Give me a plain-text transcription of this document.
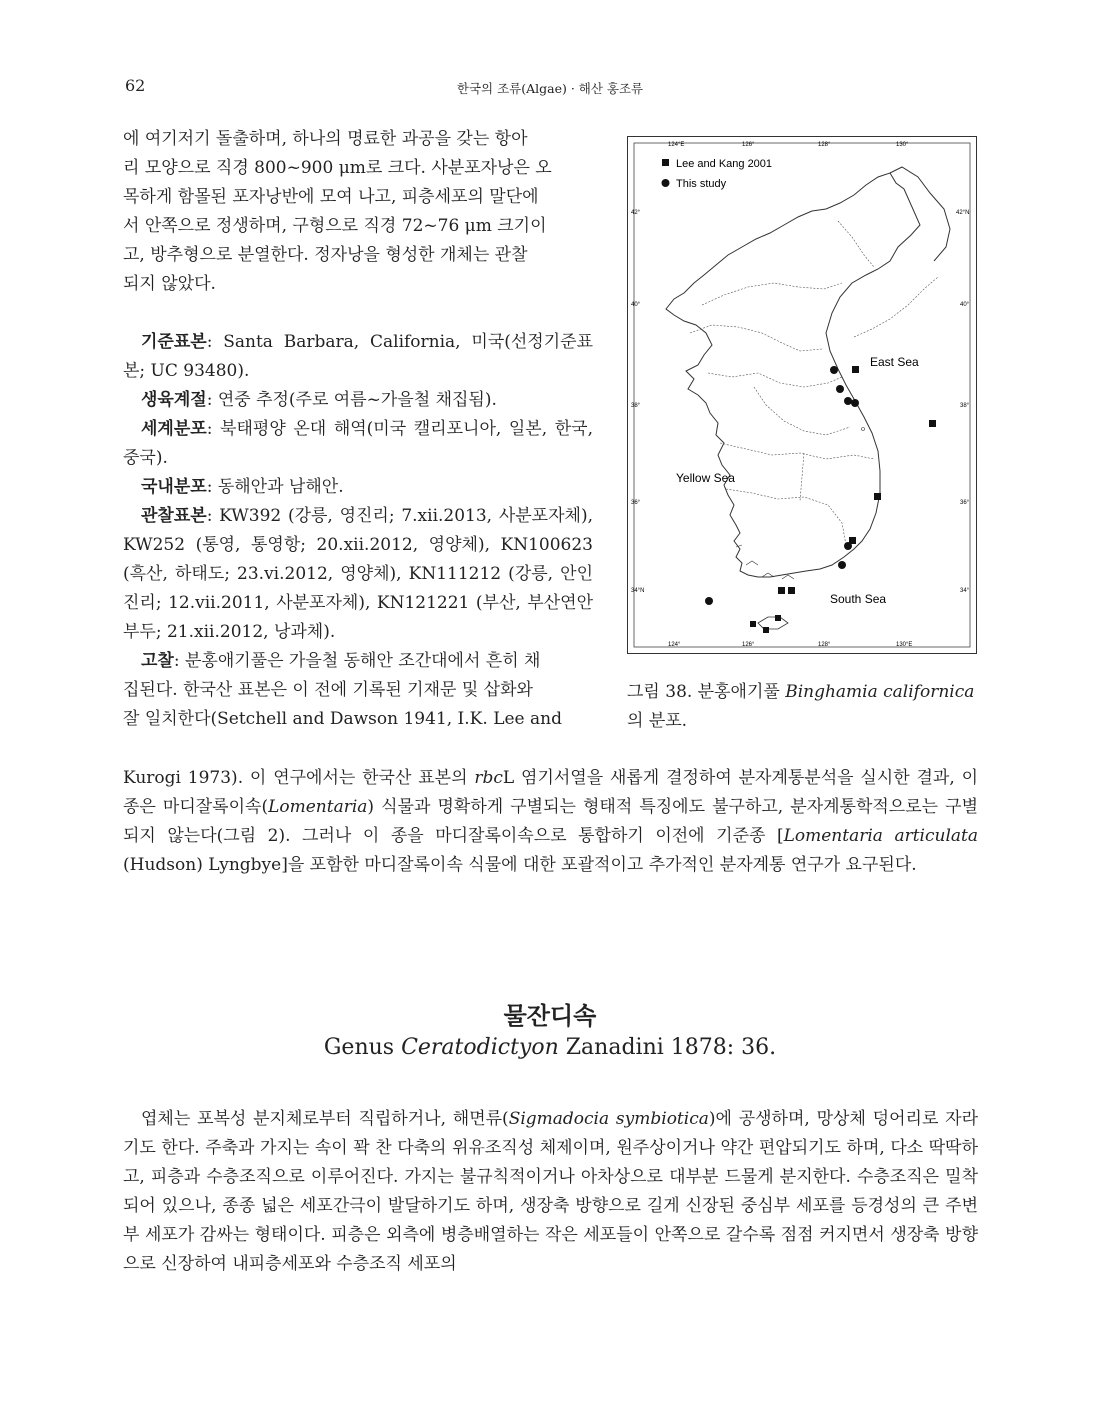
62	한국의 조류(Algae) · 해산 홍조류
에 여기저기 돌출하며, 하나의 명료한 과공을 갖는 항아
리 모양으로 직경 800~900 μm로 크다. 사분포자낭은 오
목하게 함몰된 포자낭반에 모여 나고, 피층세포의 말단에
서 안쪽으로 정생하며, 구형으로 직경 72~76 μm 크기이
고, 방추형으로 분열한다. 정자낭을 형성한 개체는 관찰
되지 않았다.

기준표본: Santa Barbara, California, 미국(선정기준표본; UC 93480).

생육계절: 연중 추정(주로 여름~가을철 채집됨).

세계분포: 북태평양 온대 해역(미국 캘리포니아, 일본, 한국, 중국).

국내분포: 동해안과 남해안.

관찰표본: KW392 (강릉, 영진리; 7.xii.2013, 사분포자체), KW252 (통영, 통영항; 20.xii.2012, 영양체), KN100623 (흑산, 하태도; 23.vi.2012, 영양체), KN111212 (강릉, 안인진리; 12.vii.2011, 사분포자체), KN121221 (부산, 부산연안부두; 21.xii.2012, 낭과체).

고찰: 분홍애기풀은 가을철 동해안 조간대에서 흔히 채
집된다. 한국산 표본은 이 전에 기록된 기재문 및 삽화와
잘 일치한다(Setchell and Dawson 1941, I.K. Lee and
124°E	126°	128°	130°
124°	126°	128°	130°E
42°
40°
38°
36°
34°N
42°N
40°
38°
36°
34°
Lee and Kang 2001
This study
East Sea
Yellow Sea
South Sea
그림 38. 분홍애기풀 Binghamia californica
의 분포.

Kurogi 1973). 이 연구에서는 한국산 표본의 rbcL 염기서열을 새롭게 결정하여 분자계통분석을 실시한 결과, 이 종은 마디잘록이속(Lomentaria) 식물과 명확하게 구별되는 형태적 특징에도 불구하고, 분자계통학적으로는 구별되지 않는다(그림 2). 그러나 이 종을 마디잘록이속으로 통합하기 이전에 기준종 [Lomentaria articulata (Hudson) Lyngbye]을 포함한 마디잘록이속 식물에 대한 포괄적이고 추가적인 분자계통 연구가 요구된다.

물잔디속
Genus Ceratodictyon Zanadini 1878: 36.

엽체는 포복성 분지체로부터 직립하거나, 해면류(Sigmadocia symbiotica)에 공생하며, 망상체 덩어리로 자라기도 한다. 주축과 가지는 속이 꽉 찬 다축의 위유조직성 체제이며, 원주상이거나 약간 편압되기도 하며, 다소 딱딱하고, 피층과 수층조직으로 이루어진다. 가지는 불규칙적이거나 아차상으로 대부분 드물게 분지한다. 수층조직은 밀착되어 있으나, 종종 넓은 세포간극이 발달하기도 하며, 생장축 방향으로 길게 신장된 중심부 세포를 등경성의 큰 주변부 세포가 감싸는 형태이다. 피층은 외측에 병층배열하는 작은 세포들이 안쪽으로 갈수록 점점 커지면서 생장축 방향으로 신장하여 내피층세포와 수층조직 세포의
